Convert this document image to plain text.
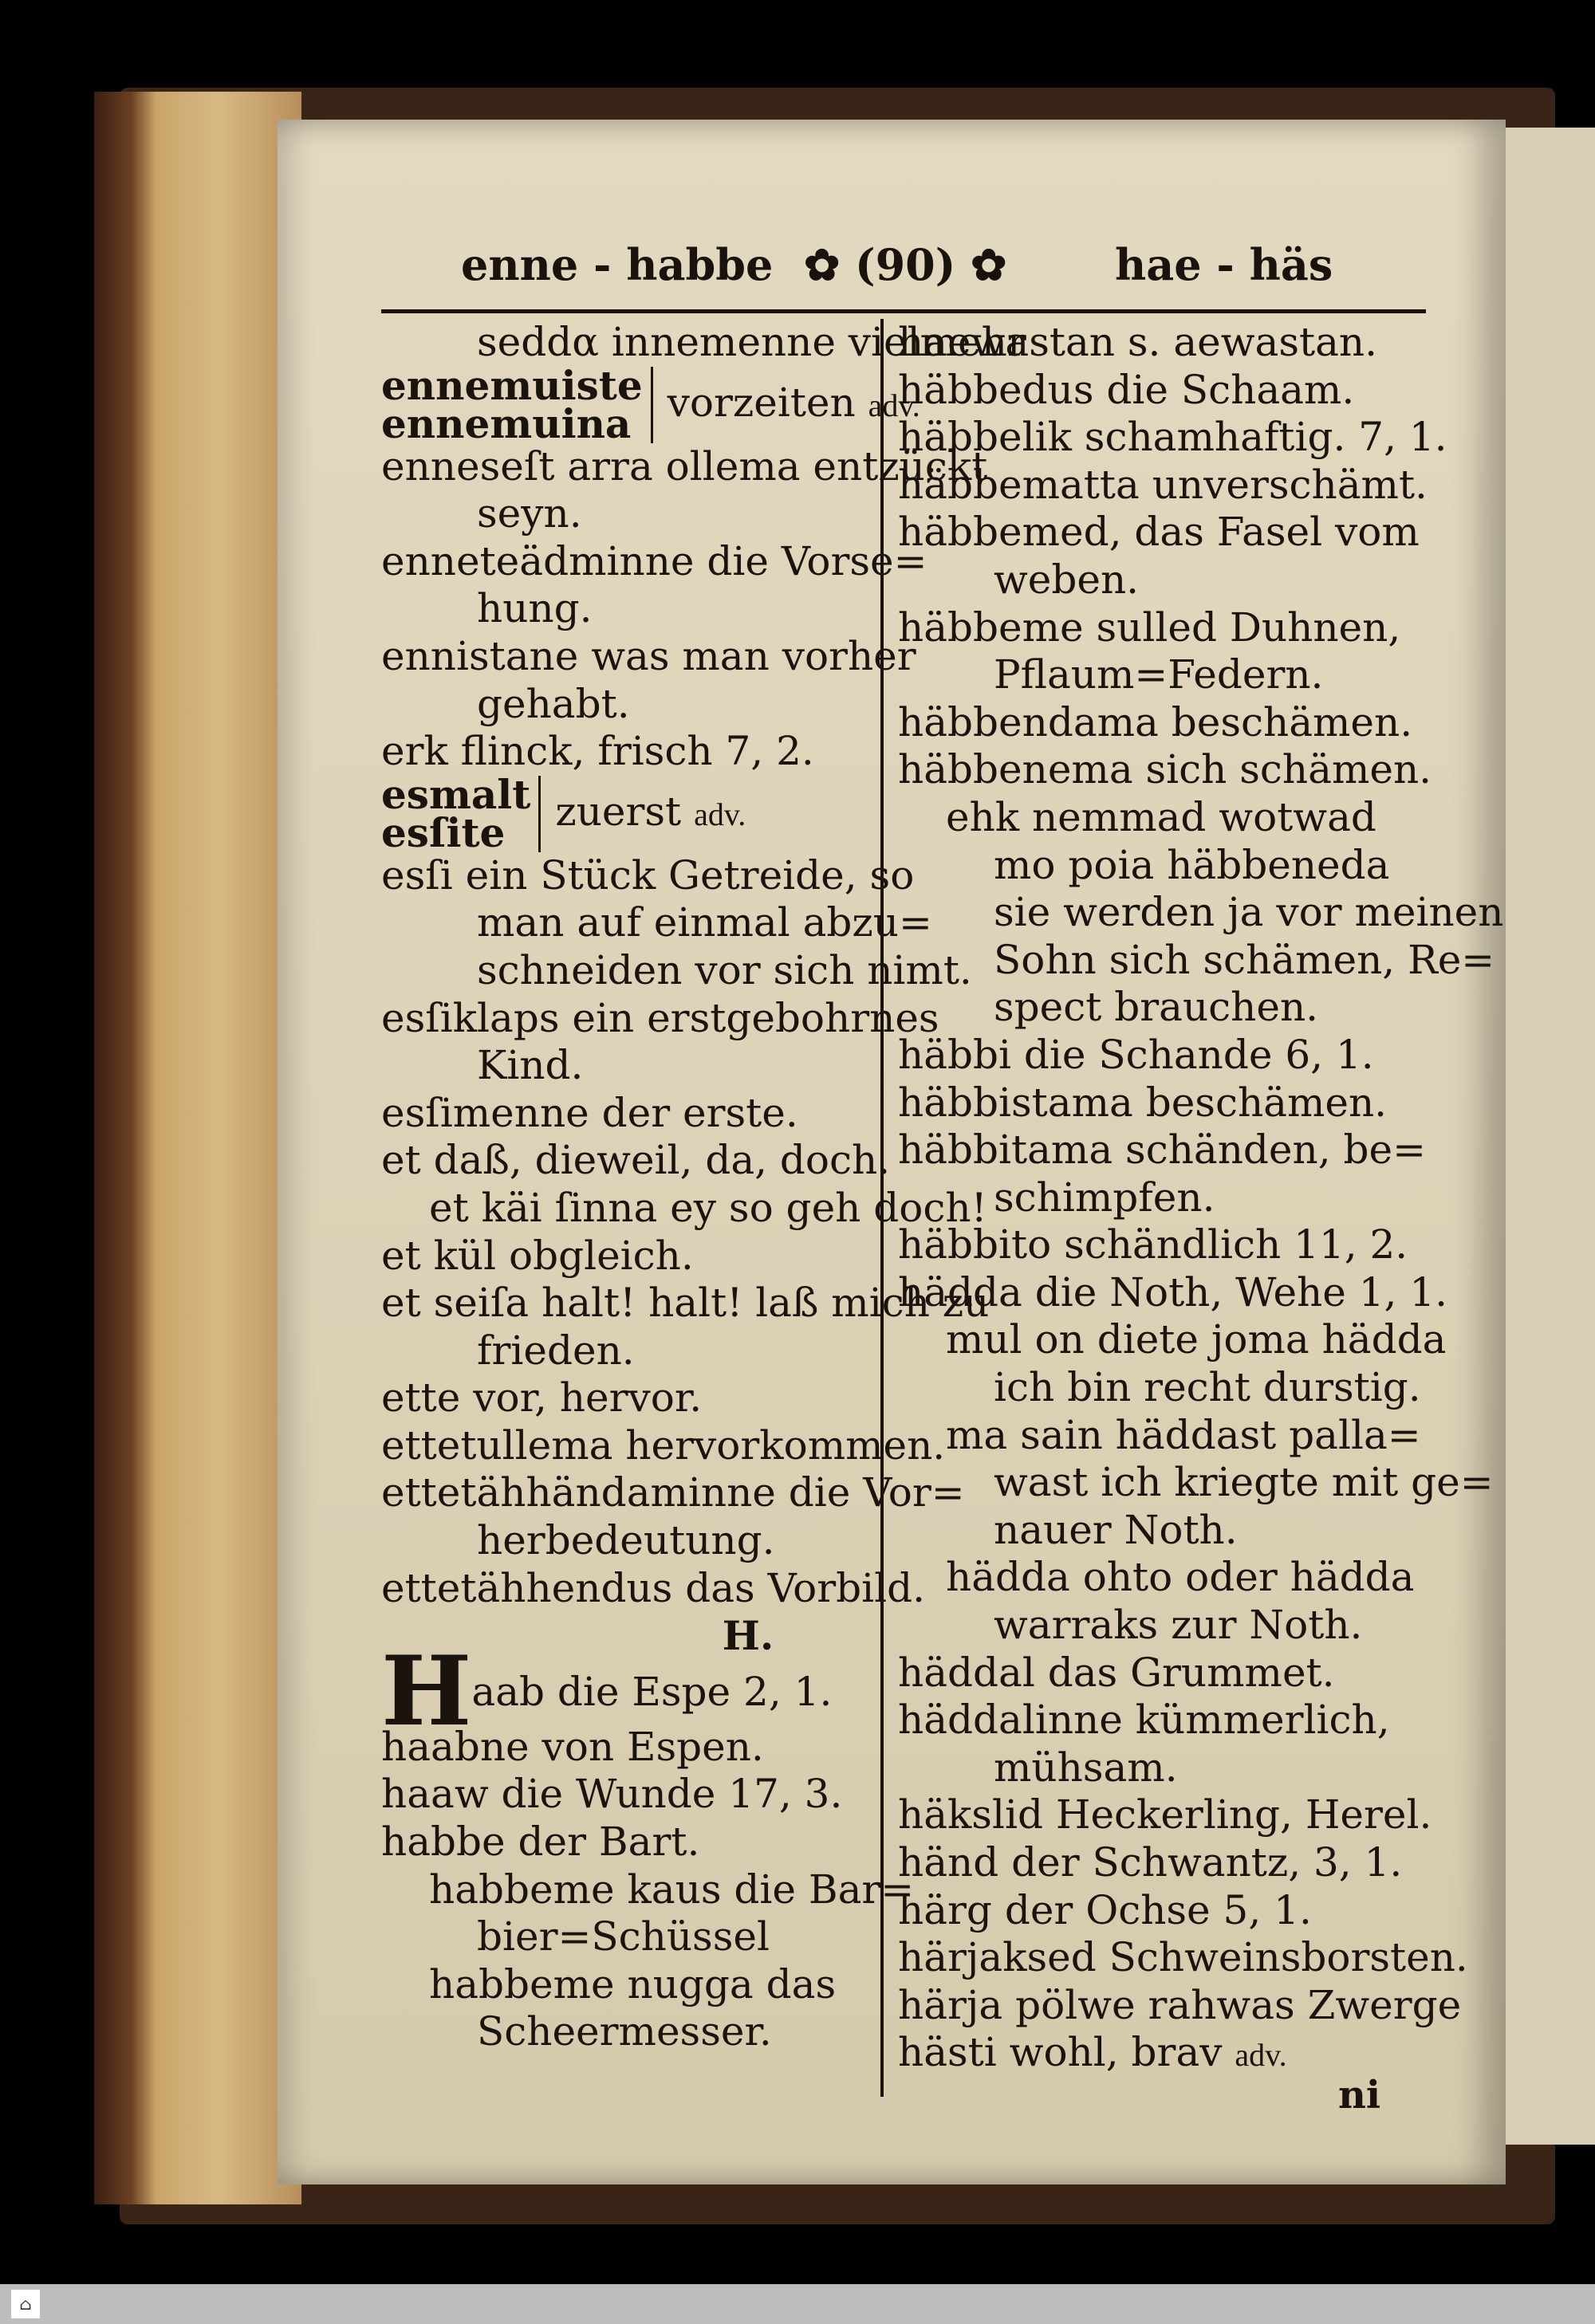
enne - habbe ✿ (90) ✿	hae - häs
seddα innemenne vielmehr
ennemuiste
ennemuina vorzeiten adv.
enneseſt arra ollema entzückt
seyn.
enneteädminne die Vorse=
hung.
ennistane was man vorher
gehabt.
erk flinck, frisch 7, 2.
esmalt
esſite	zuerst adv.
esſi ein Stück Getreide, so
man auf einmal abzu=
schneiden vor sich nimt.
esſiklaps ein erstgebohrnes
Kind.
esſimenne der erste.
et daß, dieweil, da, doch.
et käi ſinna ey so geh doch!
et kül obgleich.
et seiſa halt! halt! laß mich zu
frieden.
ette vor, hervor.
ettetullema hervorkommen.
ettetähhändaminne die Vor=
herbedeutung.
ettetähhendus das Vorbild.
H.
Haab die Espe 2, 1.
haabne von Espen.
haaw die Wunde 17, 3.
habbe der Bart.
habbeme kaus die Bar=
bier=Schüssel
habbeme nugga das
Scheermesser.
haewastan s. aewastan.
häbbedus die Schaam.
häbbelik schamhaftig. 7, 1.
häbbematta unverschämt.
häbbemed, das Fasel vom
weben.
häbbeme sulled Duhnen,
Pflaum=Federn.
häbbendama beschämen.
häbbenema sich schämen.
ehk nemmad wotwad
mo poia häbbeneda
sie werden ja vor meinen
Sohn sich schämen, Re=
spect brauchen.
häbbi die Schande 6, 1.
häbbistama beschämen.
häbbitama schänden, be=
schimpfen.
häbbito schändlich 11, 2.
hädda die Noth, Wehe 1, 1.
mul on diete joma hädda
ich bin recht durstig.
ma sain häddast palla=
wast ich kriegte mit ge=
nauer Noth.
hädda ohto oder hädda
warraks zur Noth.
häddal das Grummet.
häddalinne kümmerlich,
mühsam.
häkslid Heckerling, Herel.
händ der Schwantz, 3, 1.
härg der Ochse 5, 1.
härjaksed Schweinsborsten.
härja pölwe rahwas Zwerge
hästi wohl, brav adv.
ni
⌂
